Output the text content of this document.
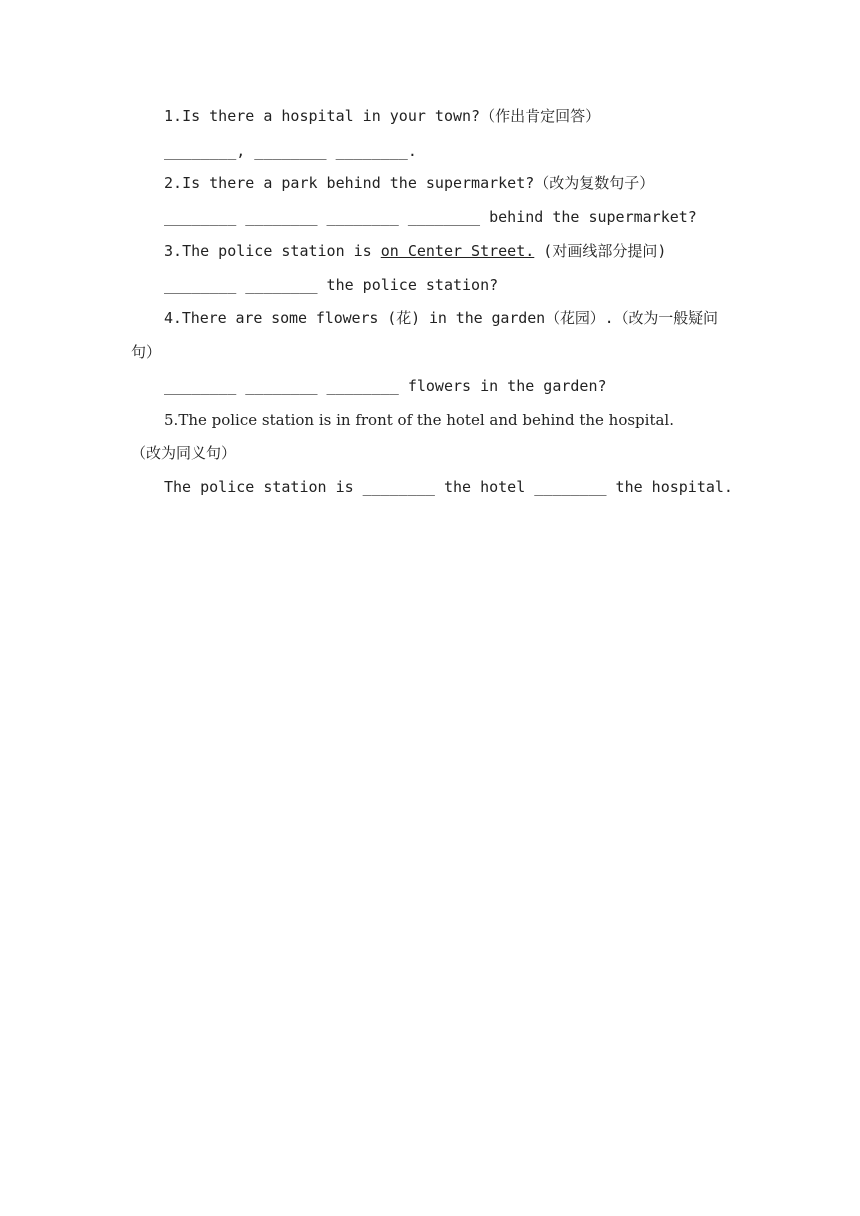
1.Is there a hospital in your town?（作出肯定回答）
________, ________ ________.
2.Is there a park behind the supermarket?（改为复数句子）
________ ________ ________ ________ behind the supermarket?
3.The police station is on Center Street. (对画线部分提问)
________ ________ the police station?
4.There are some flowers (花) in the garden（花园）.（改为一般疑问
句）
________ ________ ________ flowers in the garden?
5.The police station is in front of the hotel and behind the hospital.
（改为同义句）
The police station is ________ the hotel ________ the hospital.
